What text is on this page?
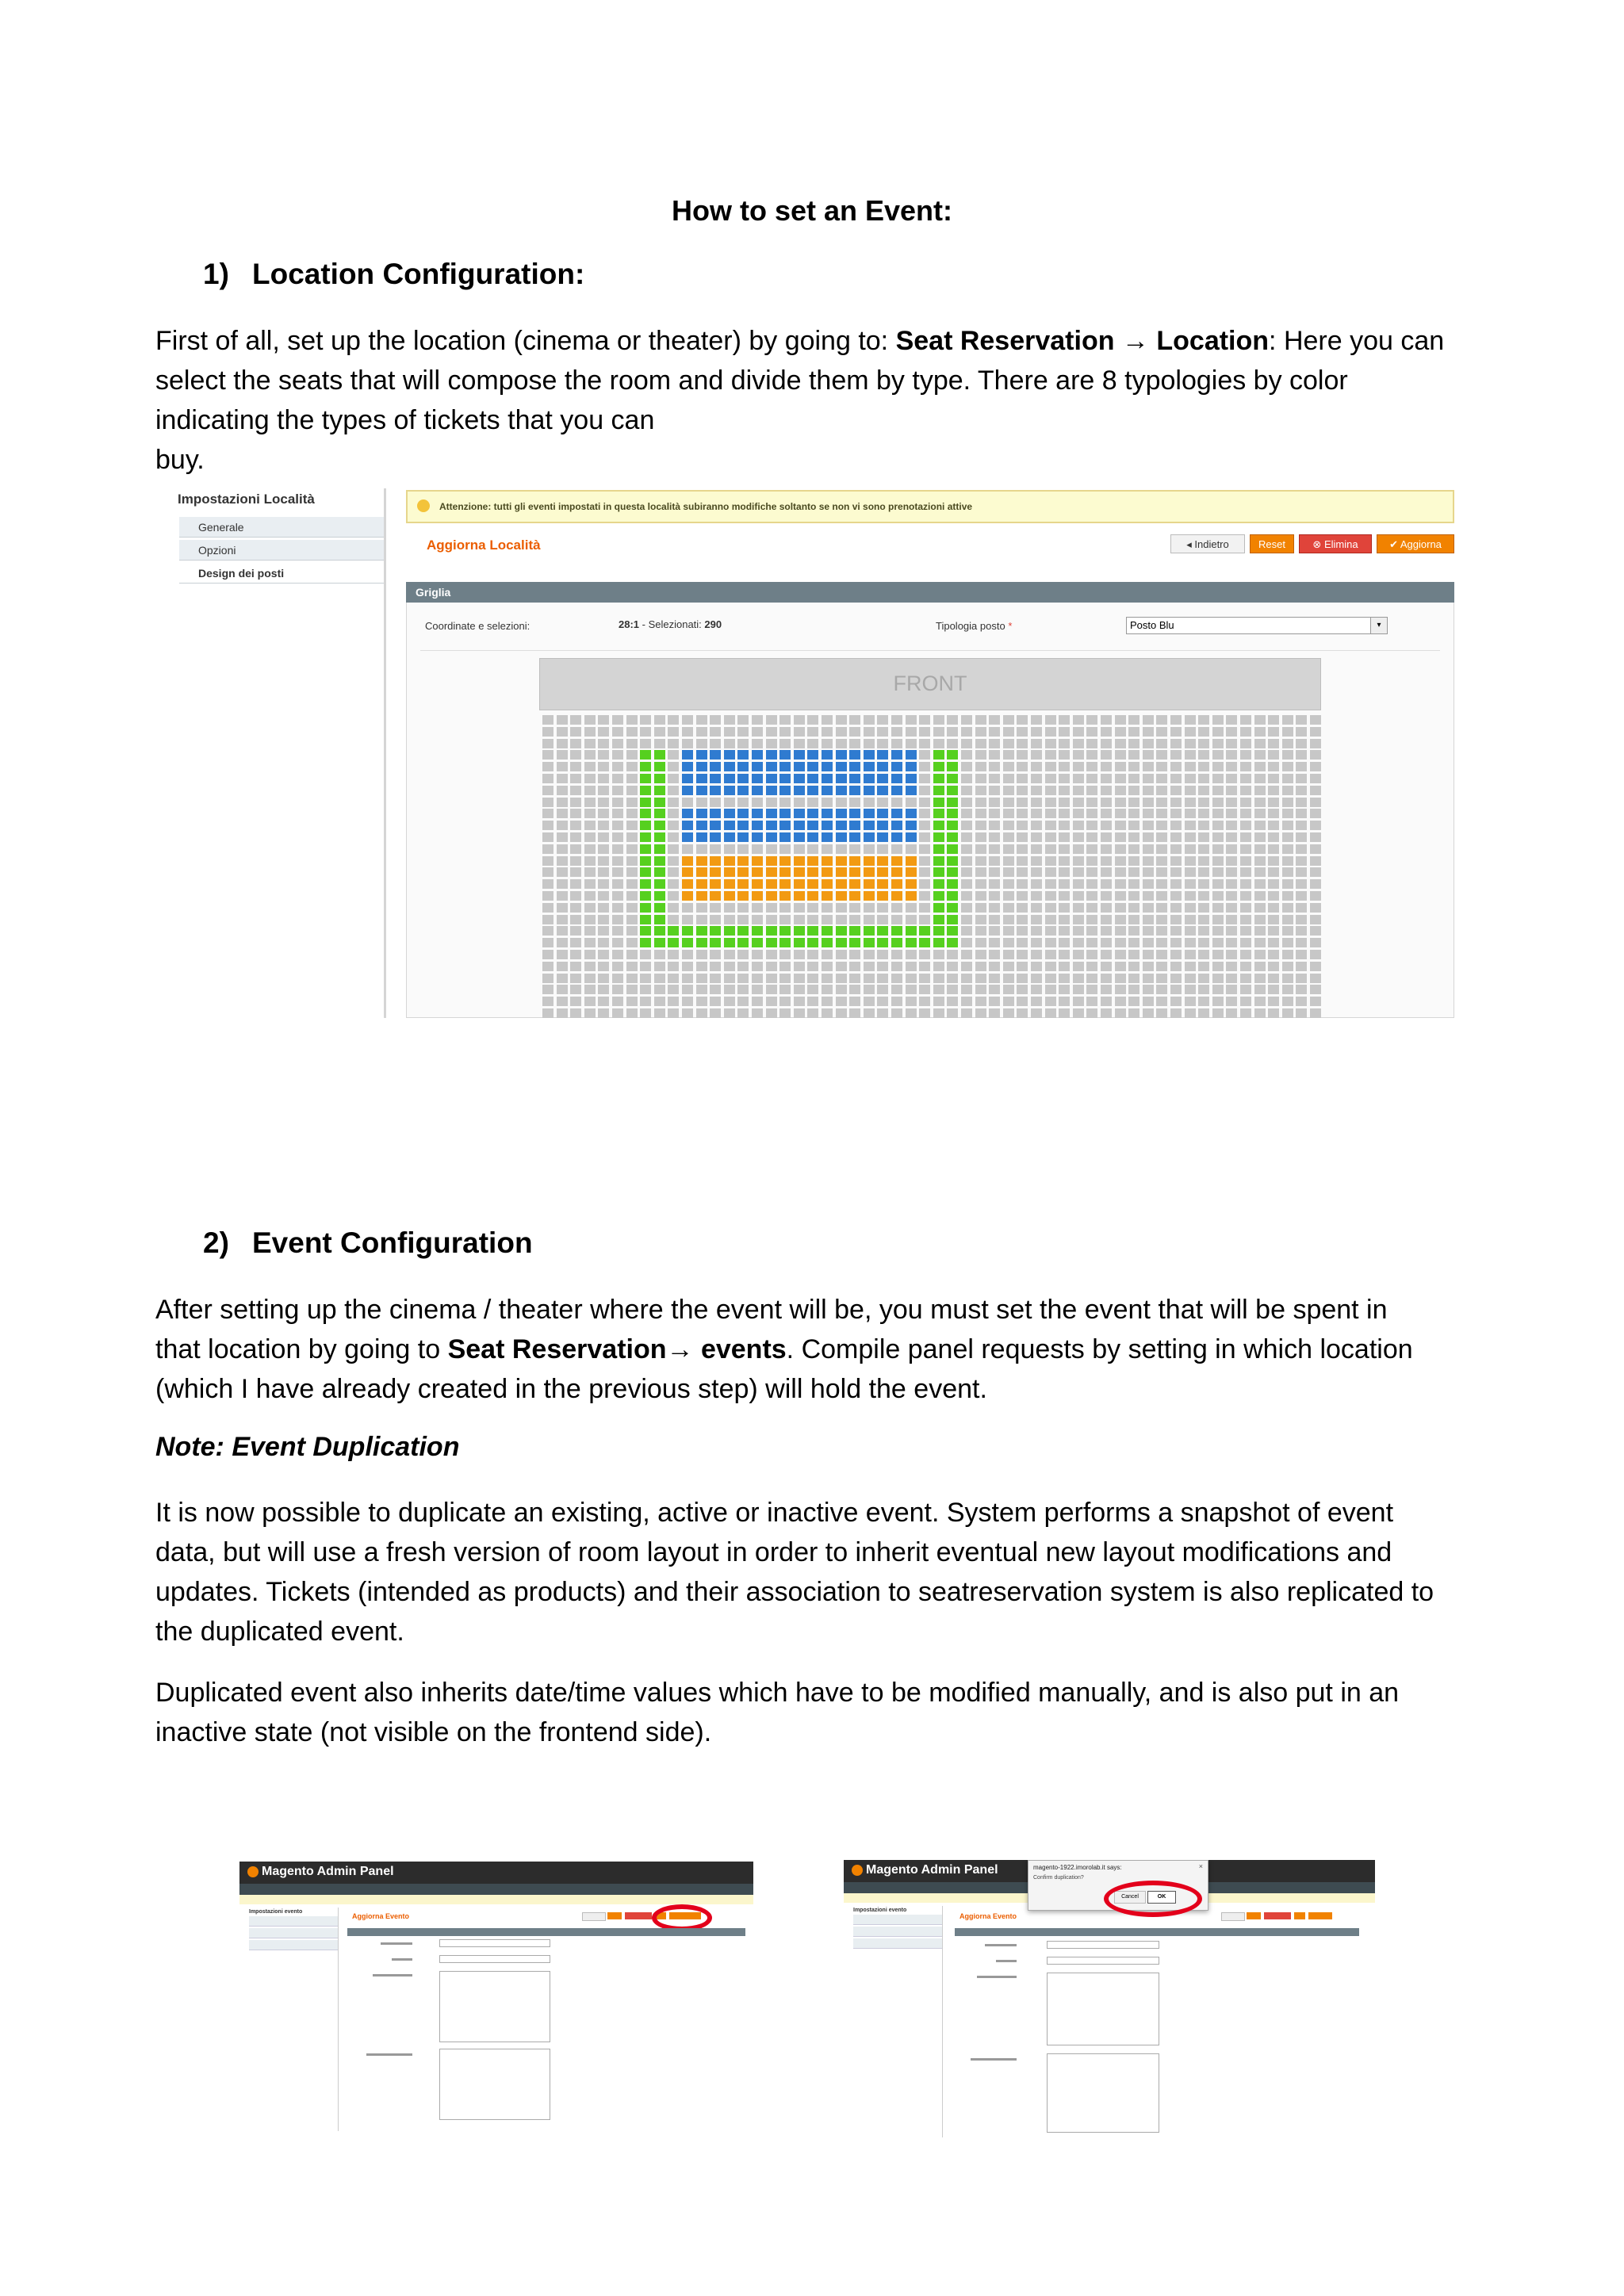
How to set an Event:
1) Location Configuration:
First of all, set up the location (cinema or theater) by going to: Seat Reservation → Location: Here you can
select the seats that will compose the room and divide them by type. There are 8 typologies by color
indicating the types of tickets that you can
buy.
Impostazioni Località
Generale
Opzioni
Design dei posti
Attenzione: tutti gli eventi impostati in questa località subiranno modifiche soltanto se non vi sono prenotazioni attive
Aggiorna Località	◂ Indietro	Reset	⊗ Elimina	✔ Aggiorna
Griglia
Coordinate e selezioni:	28:1 - Selezionati: 290	Tipologia posto *	Posto Blu	▾
FRONT
2) Event Configuration
After setting up the cinema / theater where the event will be, you must set the event that will be spent in
that location by going to Seat Reservation→ events. Compile panel requests by setting in which location
(which I have already created in the previous step) will hold the event.
Note: Event Duplication
It is now possible to duplicate an existing, active or inactive event. System performs a snapshot of event
data, but will use a fresh version of room layout in order to inherit eventual new layout modifications and
updates. Tickets (intended as products) and their association to seatreservation system is also replicated to
the duplicated event.
Duplicated event also inherits date/time values which have to be modified manually, and is also put in an
inactive state (not visible on the frontend side).
Magento Admin Panel
Impostazioni evento
Aggiorna Evento
Magento Admin Panel
Impostazioni evento
Aggiorna Evento
magento-1922.imorolab.it says:	×
Confirm duplication?
Cancel	OK
